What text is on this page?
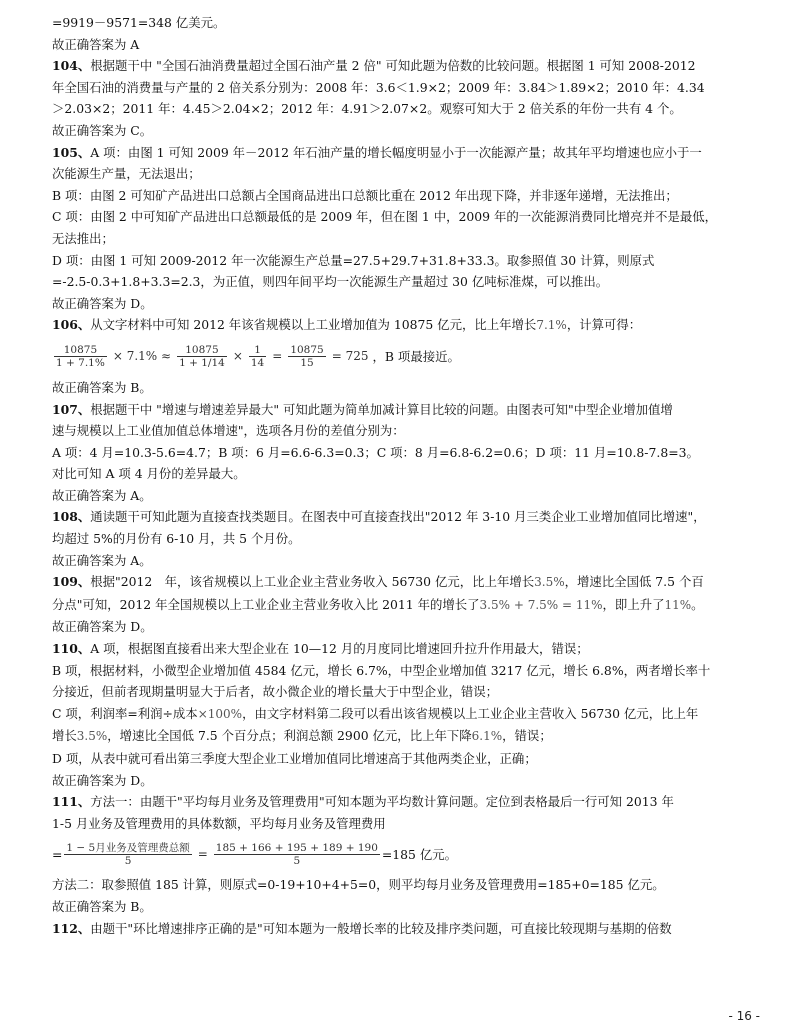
=9919－9571=348 亿美元。
故正确答案为 A
104、根据题干中 "全国石油消费量超过全国石油产量 2 倍" 可知此题为倍数的比较问题。根据图 1 可知 2008-2012
年全国石油的消费量与产量的 2 倍关系分别为：2008 年：3.6＜1.9×2；2009 年：3.84＞1.89×2；2010 年：4.34
＞2.03×2；2011 年：4.45＞2.04×2；2012 年：4.91＞2.07×2。观察可知大于 2 倍关系的年份一共有 4 个。
故正确答案为 C。
105、A 项：由图 1 可知 2009 年－2012 年石油产量的增长幅度明显小于一次能源产量；故其年平均增速也应小于一
次能源生产量，无法退出；
B 项：由图 2 可知矿产品进出口总额占全国商品进出口总额比重在 2012 年出现下降，并非逐年递增，无法推出；
C 项：由图 2 中可知矿产品进出口总额最低的是 2009 年，但在图 1 中，2009 年的一次能源消费同比增亮并不是最低，
无法推出；
D 项：由图 1 可知 2009-2012 年一次能源生产总量=27.5+29.7+31.8+33.3。取参照值 30 计算，则原式
=-2.5-0.3+1.8+3.3=2.3，为正值，则四年间平均一次能源生产量超过 30 亿吨标准煤，可以推出。
故正确答案为 D。
106、从文字材料中可知 2012 年该省规模以上工业增加值为 10875 亿元，比上年增长7.1%，计算可得：
$\frac{10875}{1 + 7.1\%} \times 7.1\% \approx \frac{10875}{1 + 1/14} \times \frac{1}{14} = \frac{10875}{15} = 725$ ，B 项最接近。
故正确答案为 B。
107、根据题干中 "增速与增速差异最大" 可知此题为简单加减计算目比较的问题。由图表可知"中型企业增加值增
速与规模以上工业值加值总体增速"，选项各月份的差值分别为：
A 项：4 月=10.3-5.6=4.7；B 项：6 月=6.6-6.3=0.3；C 项：8 月=6.8-6.2=0.6；D 项：11 月=10.8-7.8=3。
对比可知 A 项 4 月份的差异最大。
故正确答案为 A。
108、通读题干可知此题为直接查找类题目。在图表中可直接查找出"2012 年 3-10 月三类企业工业增加值同比增速"，
均超过 5%的月份有 6-10 月，共 5 个月份。
故正确答案为 A。
109、根据"2012　年，该省规模以上工业企业主营业务收入 56730 亿元，比上年增长3.5%，增速比全国低 7.5 个百
分点"可知，2012 年全国规模以上工业企业主营业务收入比 2011 年的增长了3.5% + 7.5% = 11%，即上升了11%。
故正确答案为 D。
110、A 项，根据图直接看出来大型企业在 10—12 月的月度同比增速回升拉升作用最大，错误；
B 项，根据材料，小微型企业增加值 4584 亿元，增长 6.7%，中型企业增加值 3217 亿元，增长 6.8%，两者增长率十
分接近，但前者现期量明显大于后者，故小微企业的增长量大于中型企业，错误；
C 项，利润率=利润÷成本×100%，由文字材料第二段可以看出该省规模以上工业企业主营收入 56730 亿元，比上年
增长3.5%，增速比全国低 7.5 个百分点；利润总额 2900 亿元，比上年下降6.1%，错误；
D 项，从表中就可看出第三季度大型企业工业增加值同比增速高于其他两类企业，正确；
故正确答案为 D。
111、方法一：由题干"平均每月业务及管理费用"可知本题为平均数计算问题。定位到表格最后一行可知 2013 年
1-5 月业务及管理费用的具体数额，平均每月业务及管理费用
= $\frac{\text{1 − 5月业务及管理费总额}}{5} = \frac{185 + 166 + 195 + 189 + 190}{5} =185$ 亿元。
方法二：取参照值 185 计算，则原式=0-19+10+4+5=0，则平均每月业务及管理费用=185+0=185 亿元。
故正确答案为 B。
112、由题干"环比增速排序正确的是"可知本题为一般增长率的比较及排序类问题，可直接比较现期与基期的倍数
- 16 -
